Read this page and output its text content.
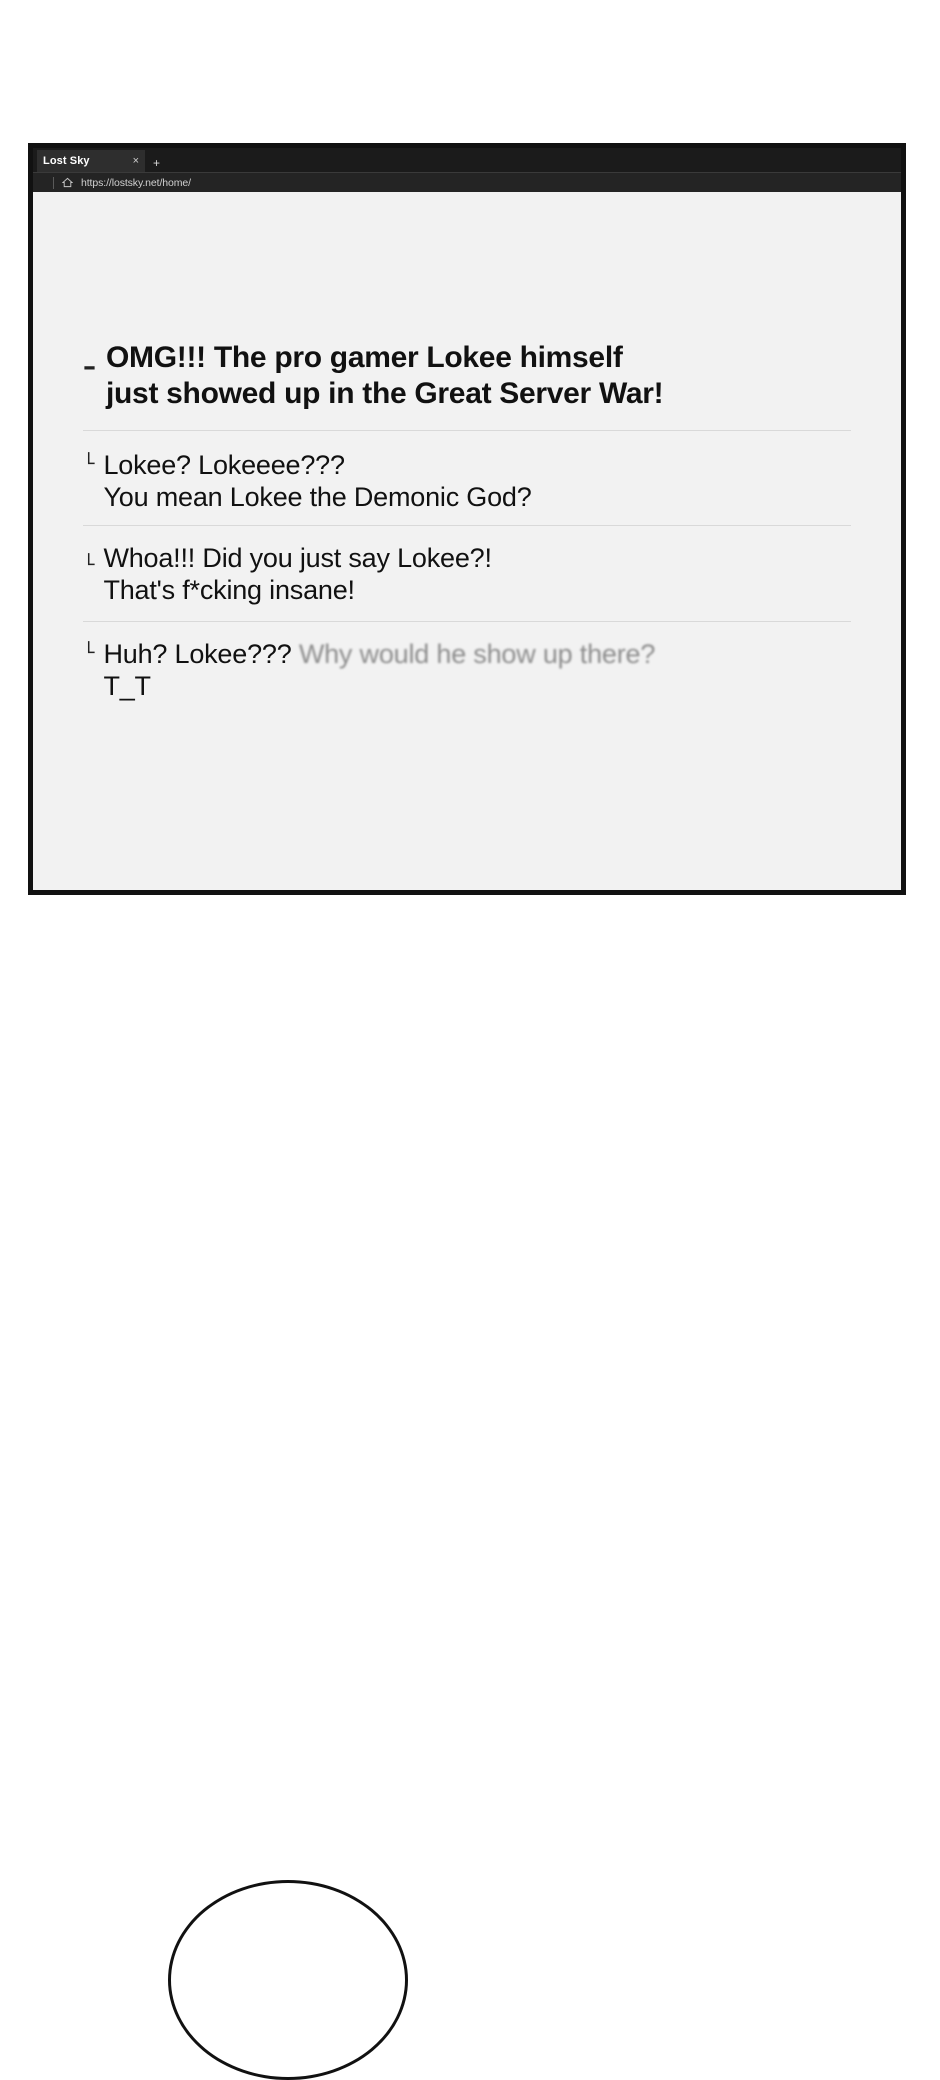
Lost Sky	×	+
https://lostsky.net/home/
– OMG!!! The pro gamer Lokee himself
just showed up in the Great Server War!
└ Lokee? Lokeeee???
You mean Lokee the Demonic God?
└ Whoa!!! Did you just say Lokee?!
That's f*cking insane!
└ Huh? Lokee??? Why would he show up there?
T_T
